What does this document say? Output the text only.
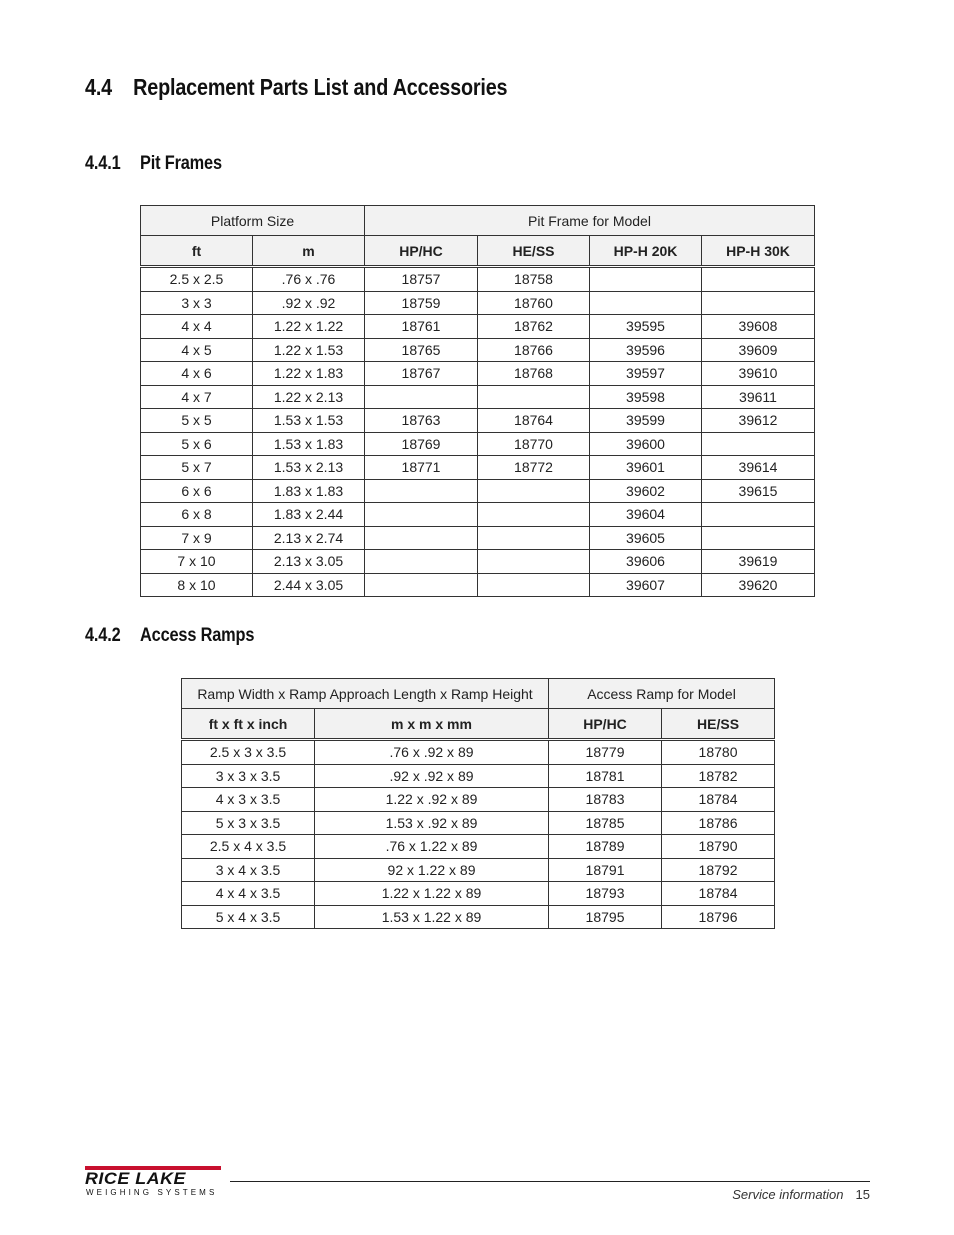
4.4 Replacement Parts List and Accessories
4.4.1 Pit Frames
Platform Size		Pit Frame for Model			
ft	m	HP/HC	HE/SS	HP-H 20K	HP-H 30K
2.5 x 2.5	.76 x .76	18757	18758		
3 x 3	.92 x .92	18759	18760		
4 x 4	1.22 x 1.22	18761	18762	39595	39608
4 x 5	1.22 x 1.53	18765	18766	39596	39609
4 x 6	1.22 x 1.83	18767	18768	39597	39610
4 x 7	1.22 x 2.13			39598	39611
5 x 5	1.53 x 1.53	18763	18764	39599	39612
5 x 6	1.53 x 1.83	18769	18770	39600	
5 x 7	1.53 x 2.13	18771	18772	39601	39614
6 x 6	1.83 x 1.83			39602	39615
6 x 8	1.83 x 2.44			39604	
7 x 9	2.13 x 2.74			39605	
7 x 10	2.13 x 3.05			39606	39619
8 x 10	2.44 x 3.05			39607	39620
4.4.2 Access Ramps
Ramp Width x Ramp Approach Length x Ramp Height		Access Ramp for Model	
ft x ft x inch	m x m x mm	HP/HC	HE/SS
2.5 x 3 x 3.5	.76 x .92 x 89	18779	18780
3 x 3 x 3.5	.92 x .92 x 89	18781	18782
4 x 3 x 3.5	1.22 x .92 x 89	18783	18784
5 x 3 x 3.5	1.53 x .92 x 89	18785	18786
2.5 x 4 x 3.5	.76 x 1.22 x 89	18789	18790
3 x 4 x 3.5	92 x 1.22 x 89	18791	18792
4 x 4 x 3.5	1.22 x 1.22 x 89	18793	18784
5 x 4 x 3.5	1.53 x 1.22 x 89	18795	18796
RICE LAKE
WEIGHING SYSTEMS	Service information 15
